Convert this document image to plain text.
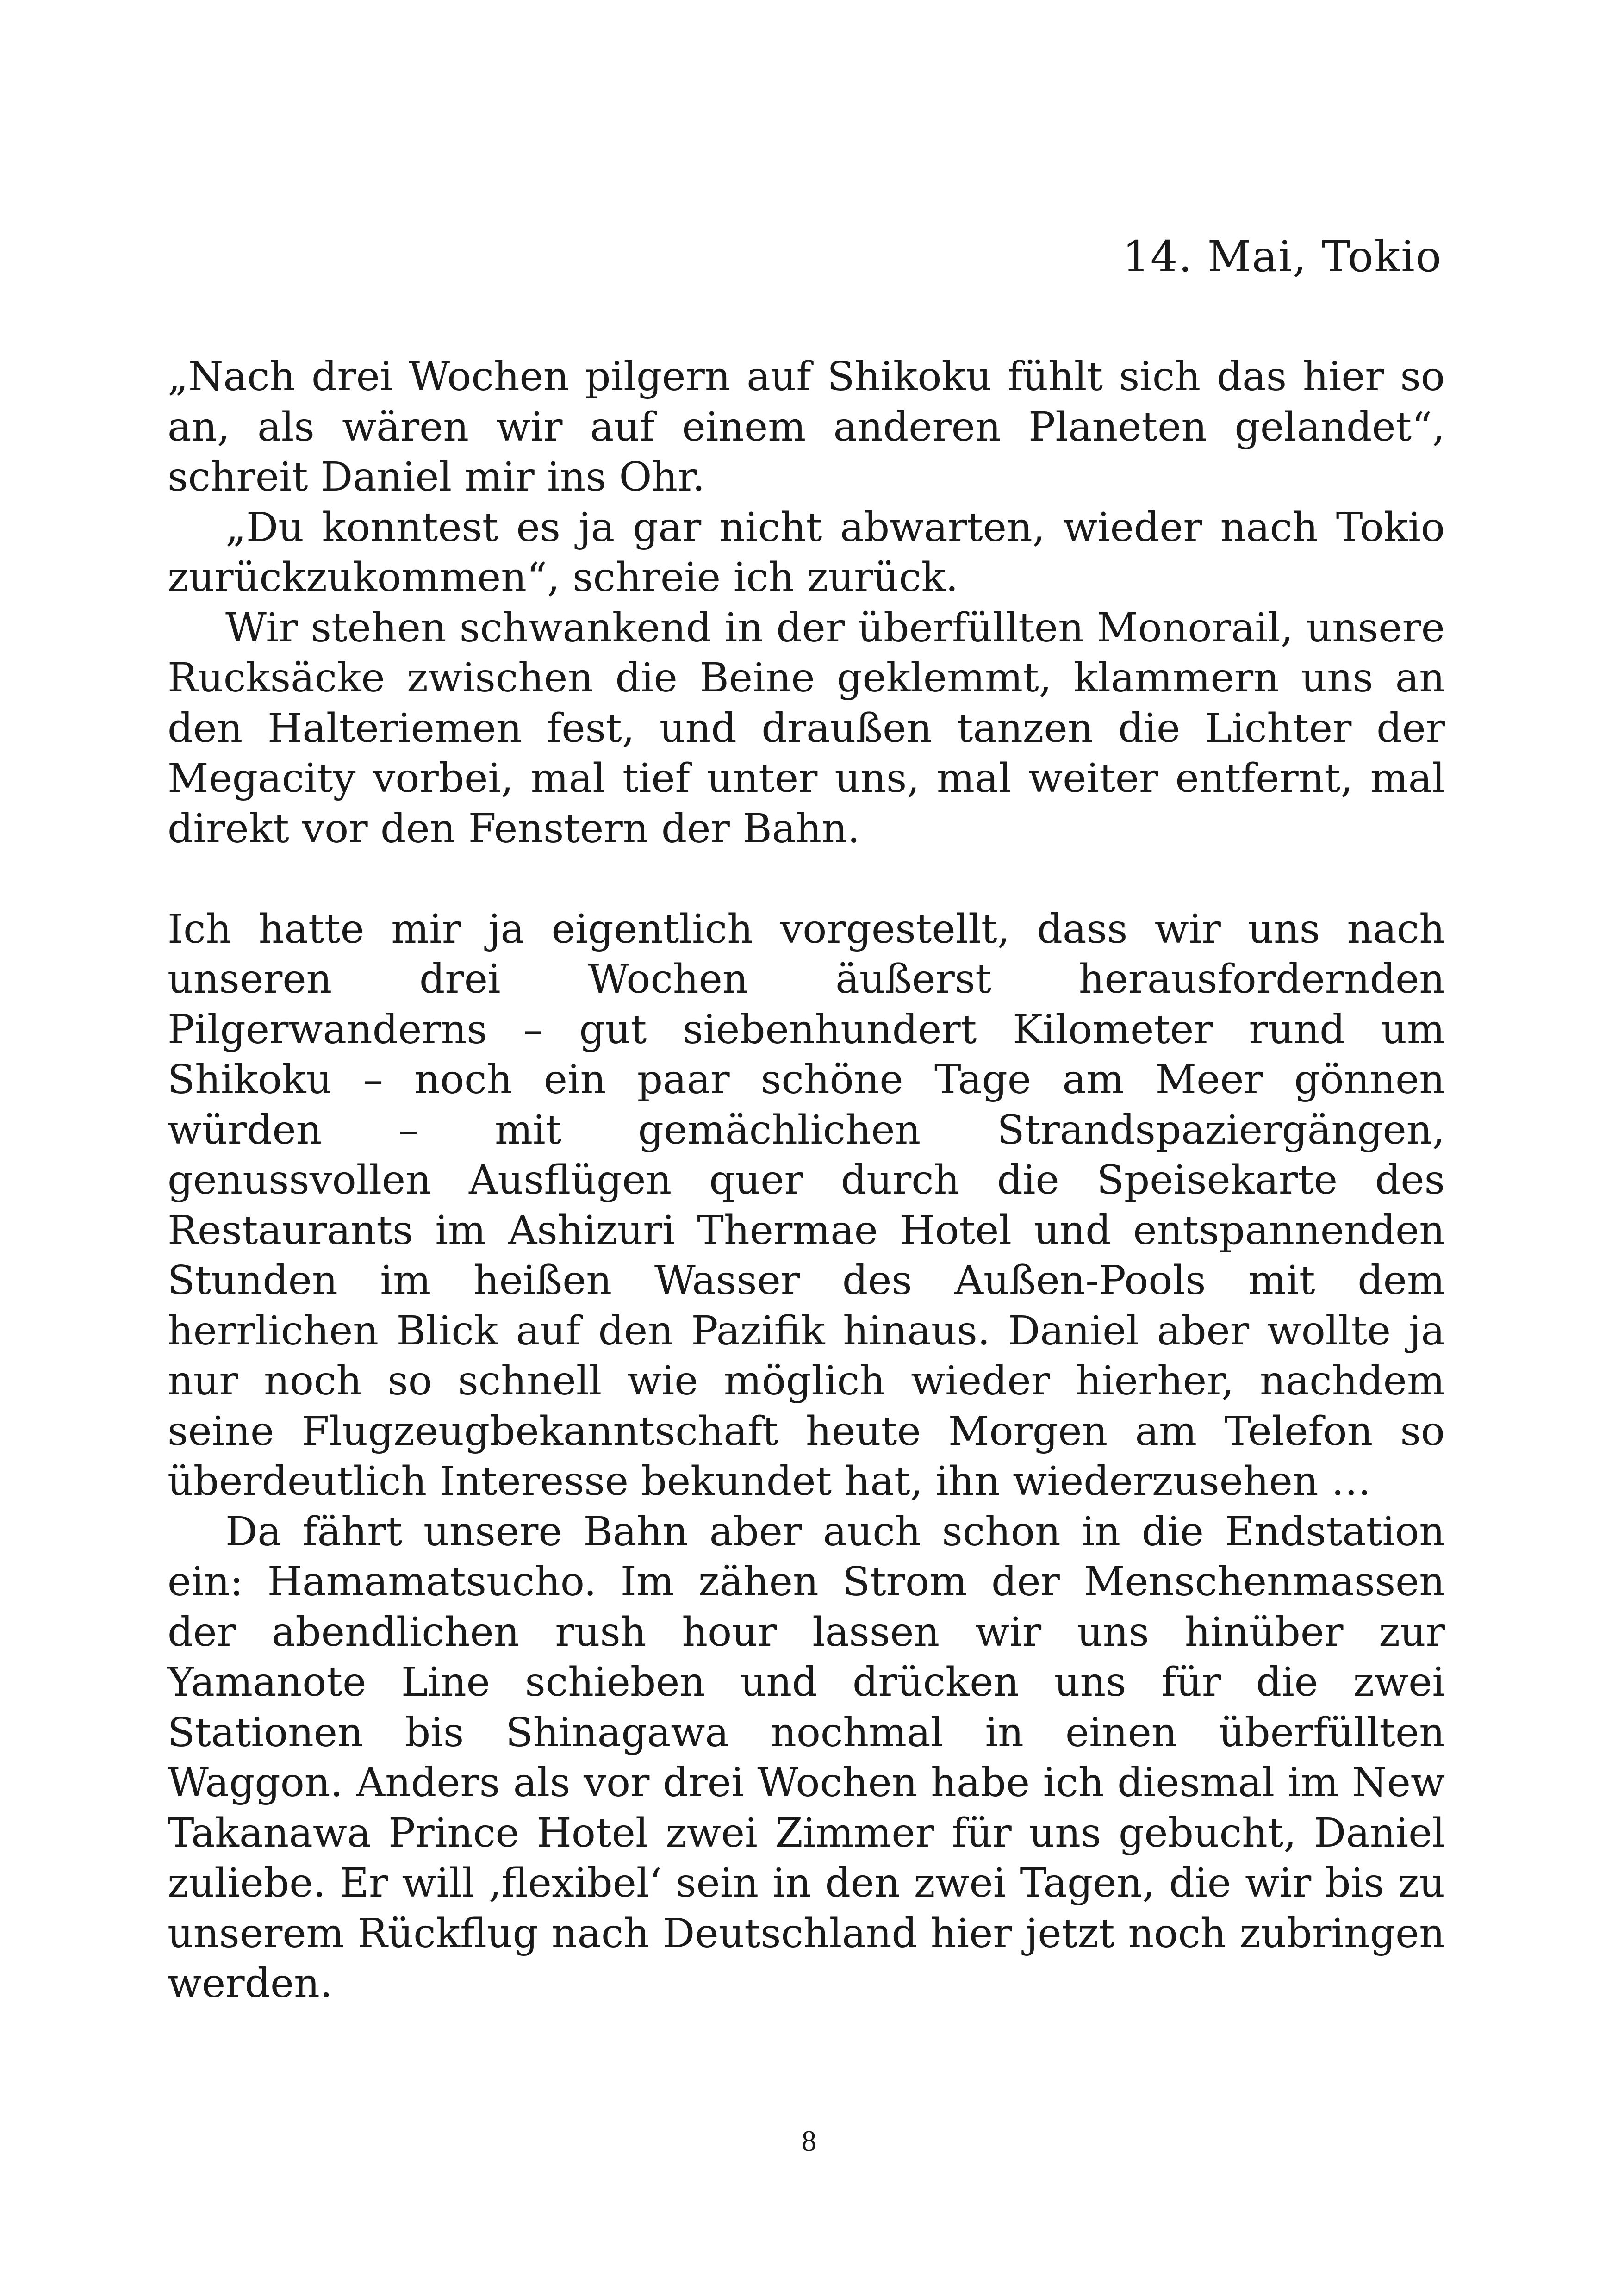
14. Mai, Tokio

„Nach drei Wochen pilgern auf Shikoku fühlt sich das hier so an, als wären wir auf einem anderen Planeten gelandet“, schreit Daniel mir ins Ohr.

„Du konntest es ja gar nicht abwarten, wieder nach Tokio zurückzukommen“, schreie ich zurück.

Wir stehen schwankend in der überfüllten Monorail, unsere Rucksäcke zwischen die Beine geklemmt, klammern uns an den Halteriemen fest, und draußen tanzen die Lichter der Megacity vorbei, mal tief unter uns, mal weiter entfernt, mal direkt vor den Fenstern der Bahn.

Ich hatte mir ja eigentlich vorgestellt, dass wir uns nach unseren drei Wochen äußerst herausfordernden Pilgerwanderns – gut siebenhundert Kilometer rund um Shikoku – noch ein paar schöne Tage am Meer gönnen würden – mit gemächlichen Strandspaziergängen, genussvollen Ausflügen quer durch die Speisekarte des Restaurants im Ashizuri Thermae Hotel und entspannenden Stunden im heißen Wasser des Außen-Pools mit dem herrlichen Blick auf den Pazifik hinaus. Daniel aber wollte ja nur noch so schnell wie möglich wieder hierher, nachdem seine Flugzeugbekanntschaft heute Morgen am Telefon so überdeutlich Interesse bekundet hat, ihn wiederzusehen …

Da fährt unsere Bahn aber auch schon in die Endstation ein: Hamamatsucho. Im zähen Strom der Menschenmassen der abendlichen rush hour lassen wir uns hinüber zur Yamanote Line schieben und drücken uns für die zwei Stationen bis Shinagawa nochmal in einen überfüllten Waggon. Anders als vor drei Wochen habe ich diesmal im New Takanawa Prince Hotel zwei Zimmer für uns gebucht, Daniel zuliebe. Er will ‚flexibel‘ sein in den zwei Tagen, die wir bis zu unserem Rückflug nach Deutschland hier jetzt noch zubringen werden.

8
